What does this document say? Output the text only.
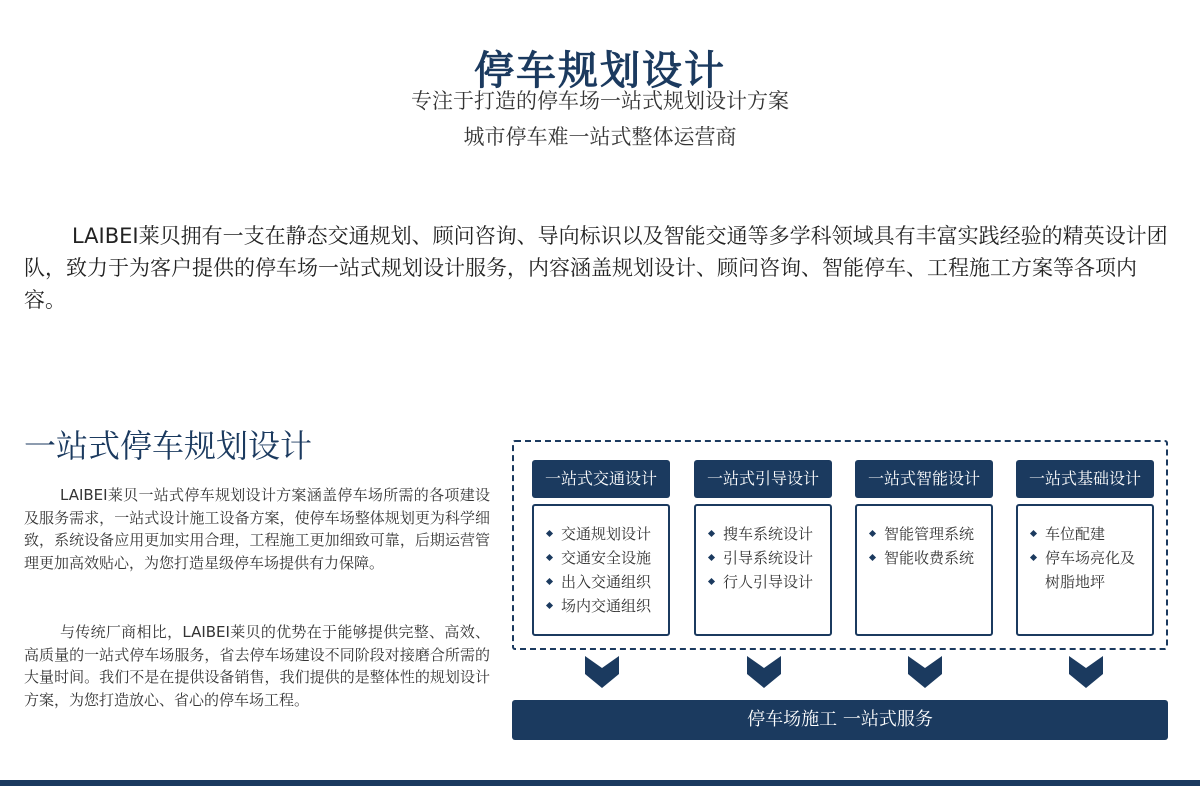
停车规划设计
专注于打造的停车场一站式规划设计方案
城市停车难一站式整体运营商

LAIBEI莱贝拥有一支在静态交通规划、顾问咨询、导向标识以及智能交通等多学科领域具有丰富实践经验的精英设计团队，致力于为客户提供的停车场一站式规划设计服务，内容涵盖规划设计、顾问咨询、智能停车、工程施工方案等各项内容。

一站式停车规划设计

LAIBEI莱贝一站式停车规划设计方案涵盖停车场所需的各项建设及服务需求，一站式设计施工设备方案，使停车场整体规划更为科学细致，系统设备应用更加实用合理，工程施工更加细致可靠，后期运营管理更加高效贴心，为您打造星级停车场提供有力保障。

与传统厂商相比，LAIBEI莱贝的优势在于能够提供完整、高效、高质量的一站式停车场服务，省去停车场建设不同阶段对接磨合所需的大量时间。我们不是在提供设备销售，我们提供的是整体性的规划设计方案，为您打造放心、省心的停车场工程。

一站式交通设计
交通规划设计
交通安全设施
出入交通组织
场内交通组织
一站式引导设计
搜车系统设计
引导系统设计
行人引导设计
一站式智能设计
智能管理系统
智能收费系统
一站式基础设计
车位配建
停车场亮化及树脂地坪
停车场施工 一站式服务
